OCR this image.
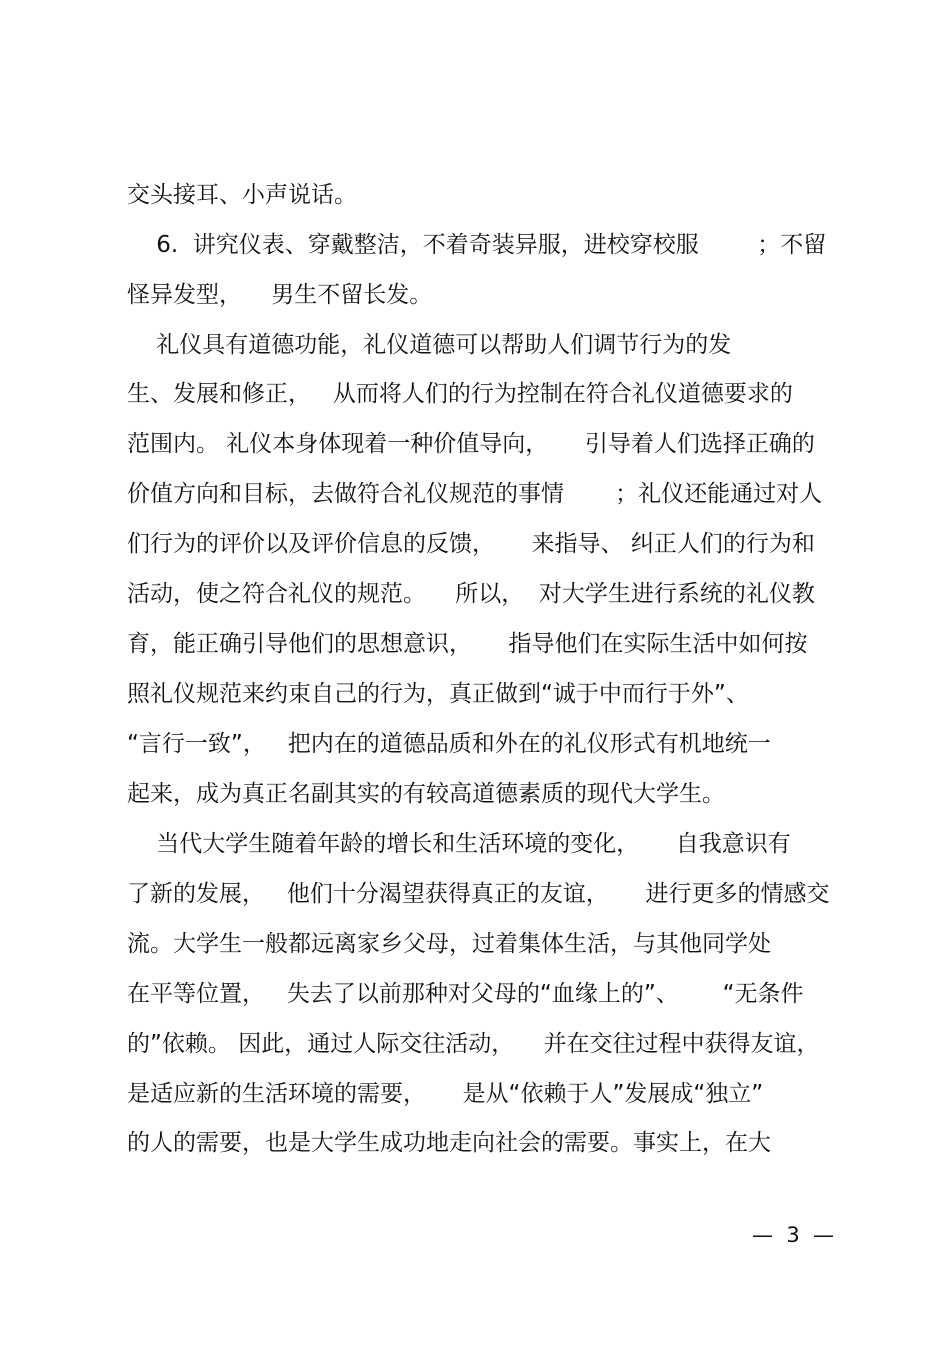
交头接耳、小声说话。

6.  讲究仪表、穿戴整洁，不着奇装异服，进校穿校服        ；不留

怪异发型，    男生不留长发。

礼仪具有道德功能，礼仪道德可以帮助人们调节行为的发

生、发展和修正，   从而将人们的行为控制在符合礼仪道德要求的

范围内。 礼仪本身体现着一种价值导向，     引导着人们选择正确的

价值方向和目标，去做符合礼仪规范的事情       ；礼仪还能通过对人

们行为的评价以及评价信息的反馈，     来指导、 纠正人们的行为和

活动，使之符合礼仪的规范。    所以，  对大学生进行系统的礼仪教

育，能正确引导他们的思想意识，     指导他们在实际生活中如何按

照礼仪规范来约束自己的行为，真正做到“诚于中而行于外”、

“言行一致”，   把内在的道德品质和外在的礼仪形式有机地统一

起来，成为真正名副其实的有较高道德素质的现代大学生。

当代大学生随着年龄的增长和生活环境的变化，     自我意识有

了新的发展，   他们十分渴望获得真正的友谊，     进行更多的情感交

流。大学生一般都远离家乡父母，过着集体生活，与其他同学处

在平等位置，   失去了以前那种对父母的“血缘上的”、      “无条件

的”依赖。 因此，通过人际交往活动，    并在交往过程中获得友谊，

是适应新的生活环境的需要，     是从“依赖于人”发展成“独立”

的人的需要，也是大学生成功地走向社会的需要。事实上，在大

—  3  —
